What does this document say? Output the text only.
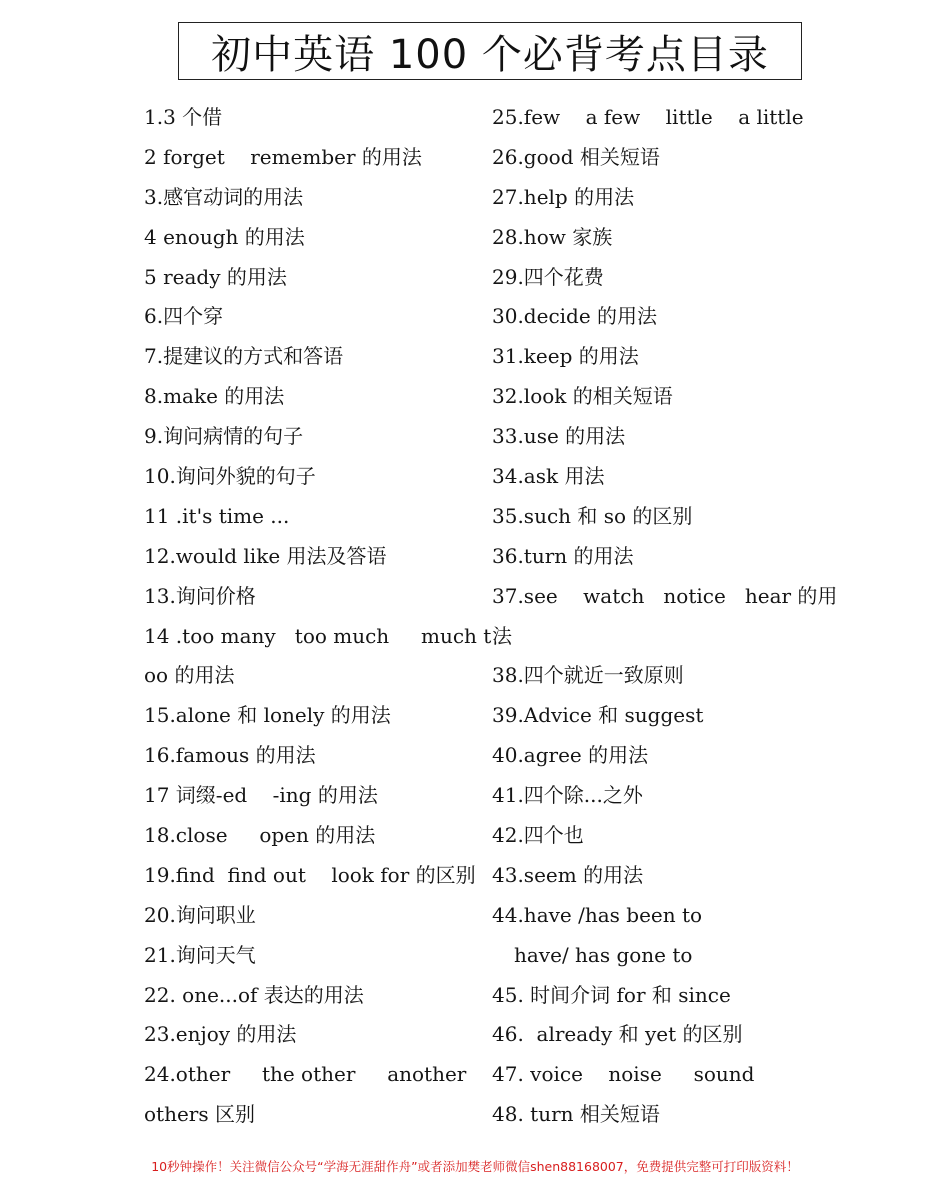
初中英语 100 个必背考点目录
1.3 个借
2 forget    remember 的用法
3.感官动词的用法
4 enough 的用法
5 ready 的用法
6.四个穿
7.提建议的方式和答语
8.make 的用法
9.询问病情的句子
10.询问外貌的句子
11 .it's time ...
12.would like 用法及答语
13.询问价格
14 .too many   too much     much t
oo 的用法
15.alone 和 lonely 的用法
16.famous 的用法
17 词缀-ed    -ing 的用法
18.close     open 的用法
19.find  find out    look for 的区别
20.询问职业
21.询问天气
22. one...of 表达的用法
23.enjoy 的用法
24.other     the other     another
others 区别
25.few    a few    little    a little
26.good 相关短语
27.help 的用法
28.how 家族
29.四个花费
30.decide 的用法
31.keep 的用法
32.look 的相关短语
33.use 的用法
34.ask 用法
35.such 和 so 的区别
36.turn 的用法
37.see    watch   notice   hear 的用
法
38.四个就近一致原则
39.Advice 和 suggest
40.agree 的用法
41.四个除...之外
42.四个也
43.seem 的用法
44.have /has been to
have/ has gone to
45. 时间介词 for 和 since
46.  already 和 yet 的区别
47. voice    noise     sound
48. turn 相关短语
10秒钟操作！关注微信公众号“学海无涯甜作舟”或者添加樊老师微信shen88168007，免费提供完整可打印版资料！
